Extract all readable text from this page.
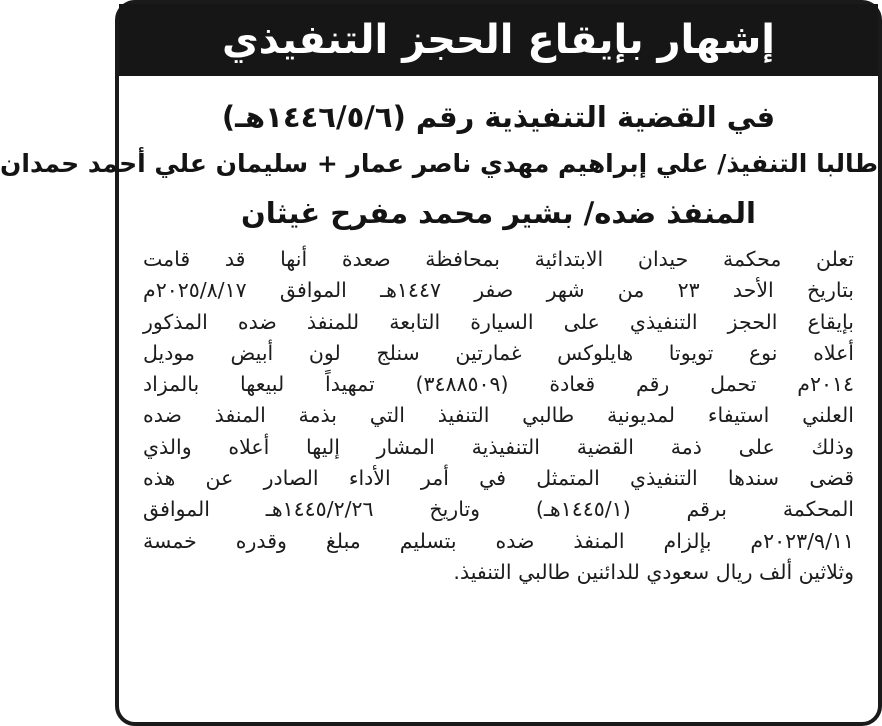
إشهار بإيقاع الحجز التنفيذي
في القضية التنفيذية رقم (١٤٤٦/٥/٦هـ)
طالبا التنفيذ/ علي إبراهيم مهدي ناصر عمار + سليمان علي أحمد حمدان
المنفذ ضده/ بشير محمد مفرح غيثان
تعلن محكمة حيدان الابتدائية بمحافظة صعدة أنها قد قامت
بتاريخ الأحد ٢٣ من شهر صفر ١٤٤٧هـ الموافق ٢٠٢٥/٨/١٧م
بإيقاع الحجز التنفيذي على السيارة التابعة للمنفذ ضده المذكور
أعلاه نوع تويوتا هايلوكس غمارتين سنلج لون أبيض موديل
٢٠١٤م تحمل رقم قعادة (٣٤٨٨٥٠٩) تمهيداً لبيعها بالمزاد
العلني استيفاء لمديونية طالبي التنفيذ التي بذمة المنفذ ضده
وذلك على ذمة القضية التنفيذية المشار إليها أعلاه والذي
قضى سندها التنفيذي المتمثل في أمر الأداء الصادر عن هذه
المحكمة برقم (١٤٤٥/١هـ) وتاريخ ١٤٤٥/٢/٢٦هـ الموافق
٢٠٢٣/٩/١١م بإلزام المنفذ ضده بتسليم مبلغ وقدره خمسة
وثلاثين ألف ريال سعودي للدائنين طالبي التنفيذ.
